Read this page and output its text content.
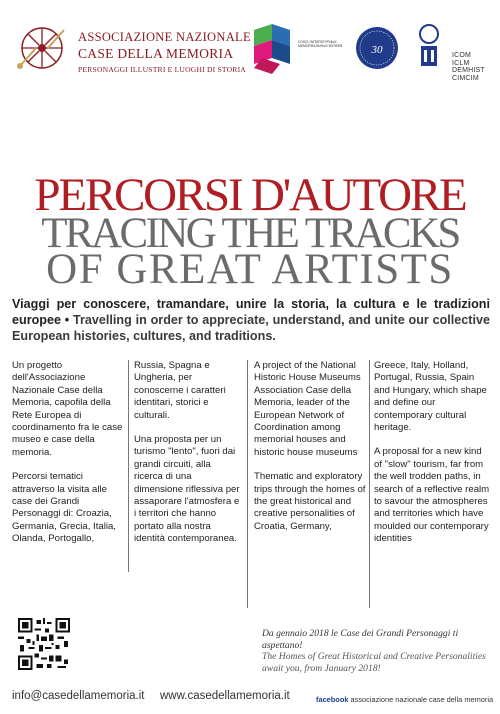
ASSOCIAZIONE NAZIONALE
CASE DELLA MEMORIA
PERSONAGGI ILLUSTRI E LUOGHI DI STORIA
СОЮЗ ЛИТЕРАТУРНЫХ МЕМОРИАЛЬНЫХ МУЗЕЕВ	30	ICOM
ICLM
DEMHIST
CIMCIM
PERCORSI D'AUTORE
TRACING THE TRACKS
OF GREAT ARTISTS
Viaggi per conoscere, tramandare, unire la storia, la cultura e le tradizioni europee • Travelling in order to appreciate, understand, and unite our collective European histories, cultures, and traditions.

Un progetto dell'Associazione Nazionale Case della Memoria, capofila della Rete Europea di coordinamento fra le case museo e case della memoria.

Percorsi tematici attraverso la visita alle case dei Grandi Personaggi di: Croazia, Germania, Grecia, Italia, Olanda, Portogallo,

Russia, Spagna e Ungheria, per conoscerne i caratteri identitari, storici e culturali.

Una proposta per un turismo "lento", fuori dai grandi circuiti, alla ricerca di una dimensione riflessiva per assaporare l'atmosfera e i territori che hanno portato alla nostra identità contemporanea.

A project of the National Historic House Museums Association Case della Memoria, leader of the European Network of Coordination among memorial houses and historic house museums

Thematic and exploratory trips through the homes of the great historical and creative personalities of Croatia, Germany,

Greece, Italy, Holland, Portugal, Russia, Spain and Hungary, which shape and define our contemporary cultural heritage.

A proposal for a new kind of "slow" tourism, far from the well trodden paths, in search of a reflective realm to savour the atmospheres and territories which have moulded our contemporary identities

Da gennaio 2018 le Case dei Grandi Personaggi ti aspettano!
The Homes of Great Historical and Creative Personalities await you, from January 2018!
info@casedellamemoria.it www.casedellamemoria.it	facebook associazione nazionale case della memoria
